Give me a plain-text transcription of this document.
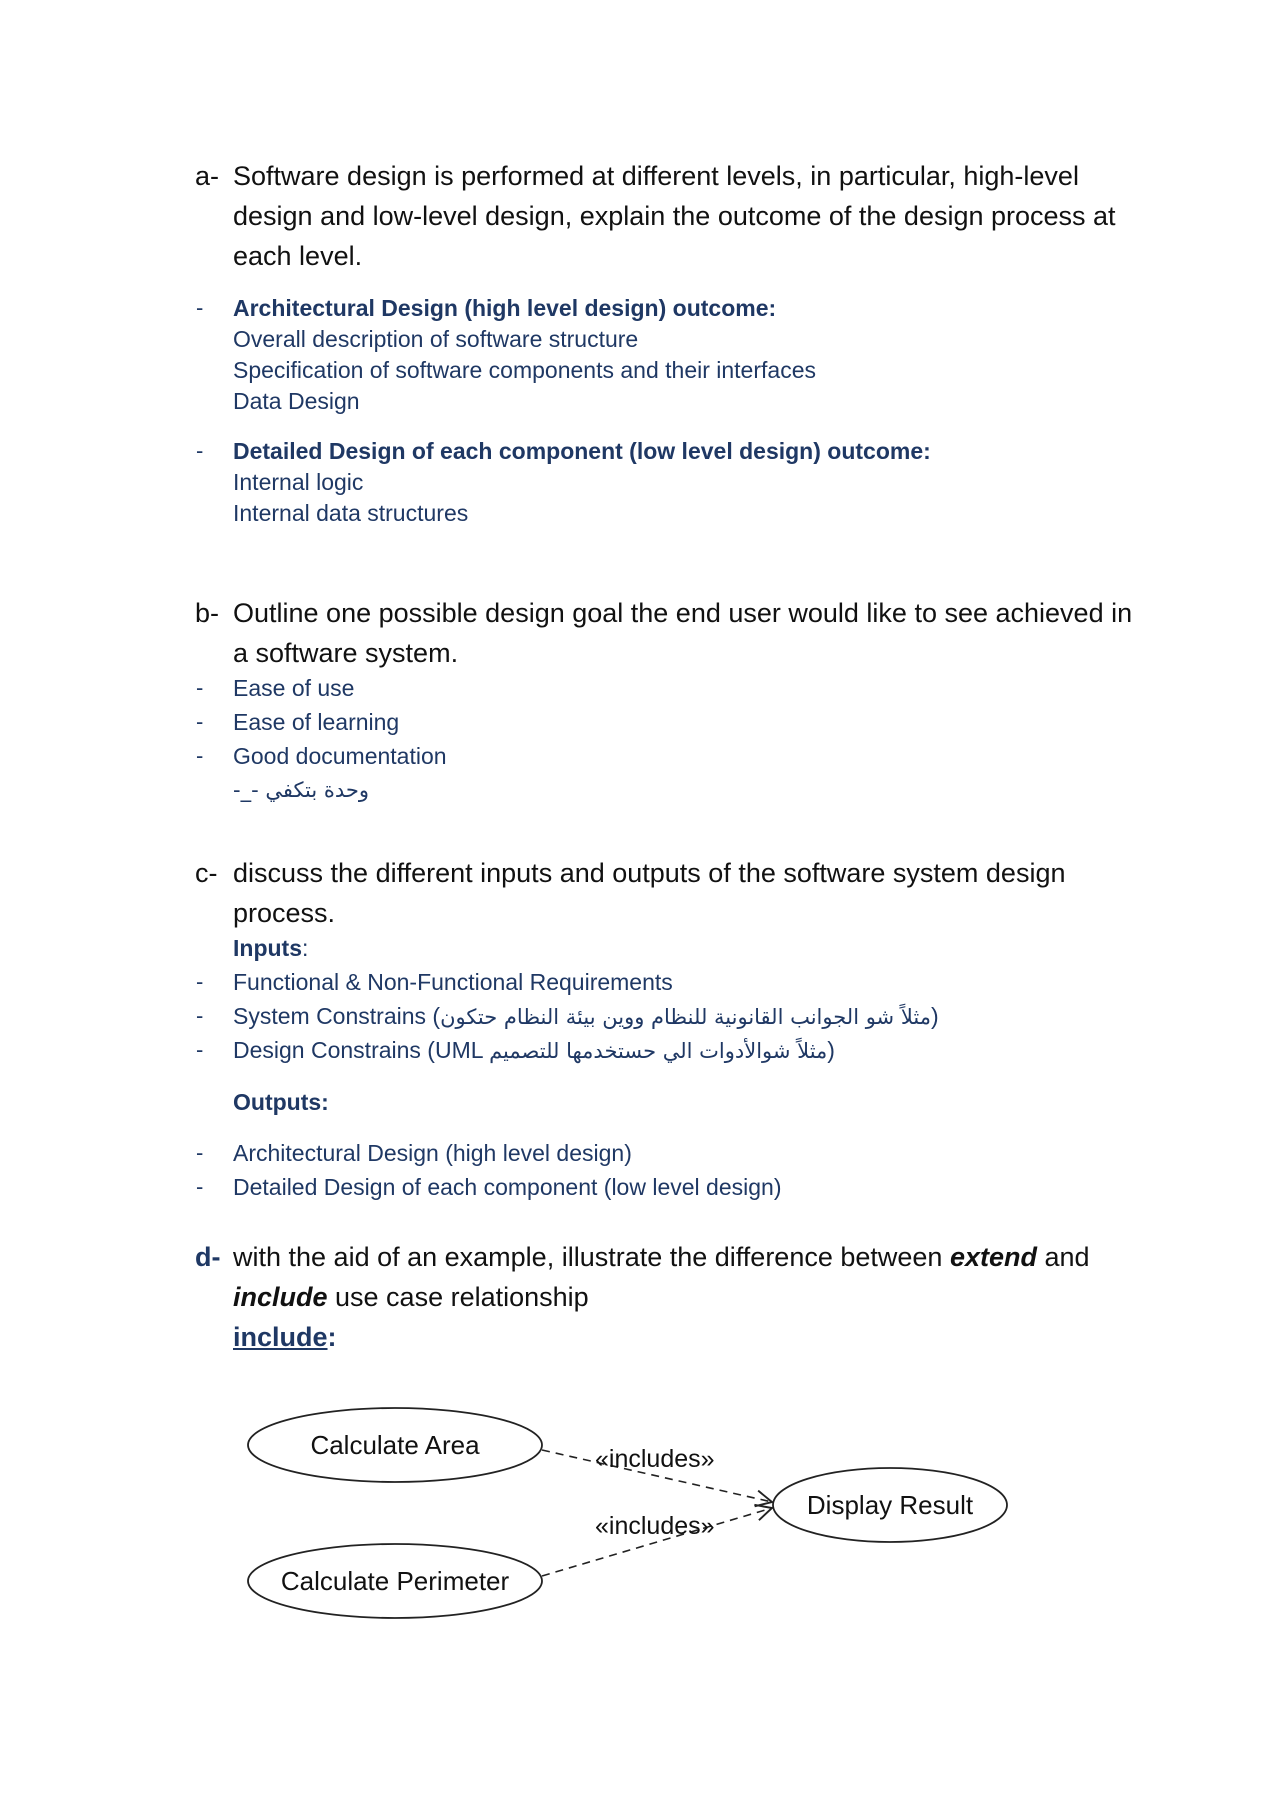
a- Software design is performed at different levels, in particular, high-level design and low-level design, explain the outcome of the design process at each level.
- Architectural Design (high level design) outcome:
Overall description of software structure
Specification of software components and their interfaces
Data Design
- Detailed Design of each component (low level design) outcome:
Internal logic
Internal data structures
b- Outline one possible design goal the end user would like to see achieved in a software system.
- Ease of use
- Ease of learning
- Good documentation
وحدة بتكفي -_-
c- discuss the different inputs and outputs of the software system design process.
Inputs:
- Functional & Non-Functional Requirements
- System Constrains (مثلاً شو الجوانب القانونية للنظام ووين بيئة النظام حتكون)
- Design Constrains (UML مثلاً شوالأدوات الي حستخدمها للتصميم)
Outputs:
- Architectural Design (high level design)
- Detailed Design of each component (low level design)
d- with the aid of an example, illustrate the difference between extend and
include use case relationship
include:
Calculate Area
Calculate Perimeter
Display Result
«includes»
«includes»
